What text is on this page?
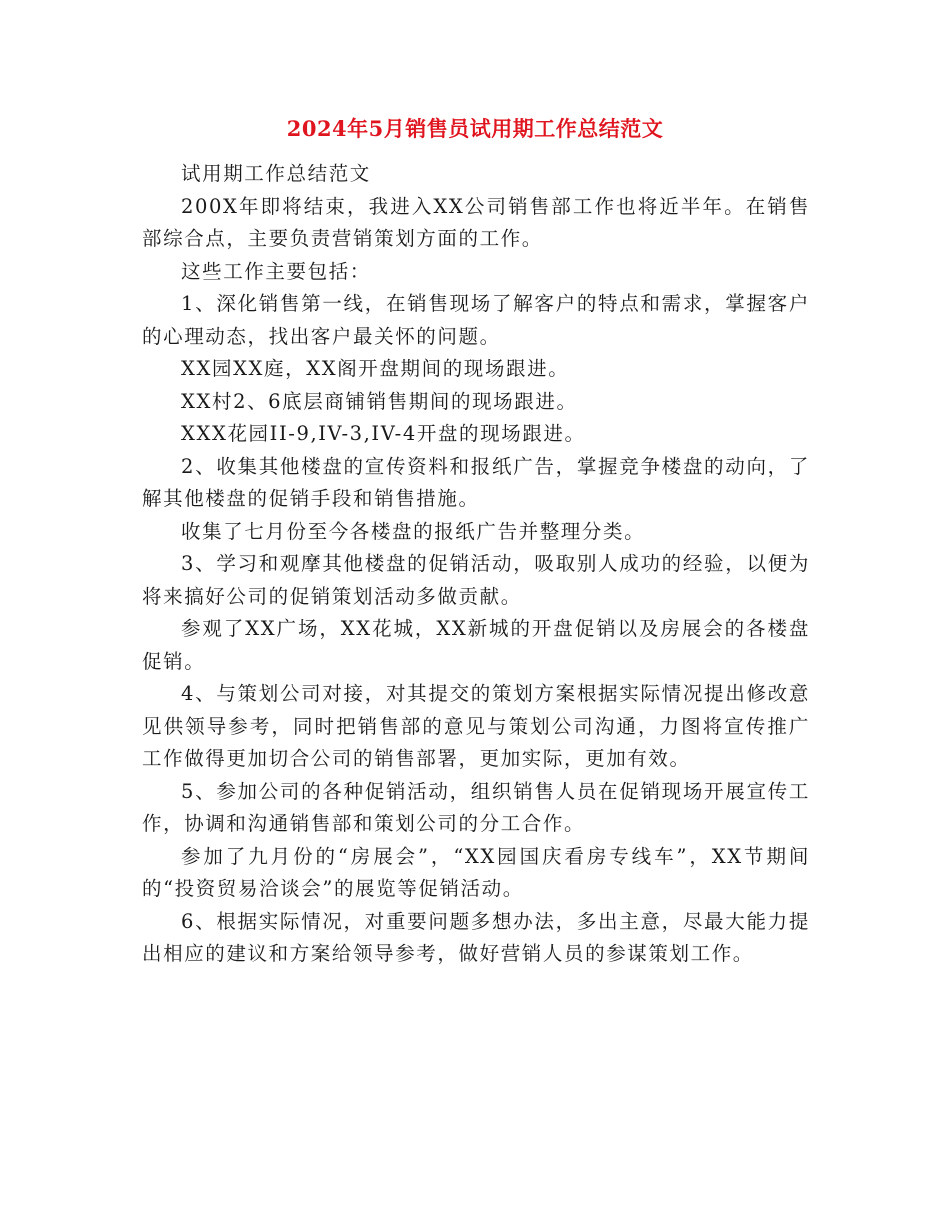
2024年5月销售员试用期工作总结范文

试用期工作总结范文

200X年即将结束，我进入XX公司销售部工作也将近半年。在销售部综合点，主要负责营销策划方面的工作。

这些工作主要包括：

1、深化销售第一线，在销售现场了解客户的特点和需求，掌握客户的心理动态，找出客户最关怀的问题。

XX园XX庭，XX阁开盘期间的现场跟进。

XX村2、6底层商铺销售期间的现场跟进。

XXX花园II-9,IV-3,IV-4开盘的现场跟进。

2、收集其他楼盘的宣传资料和报纸广告，掌握竞争楼盘的动向，了解其他楼盘的促销手段和销售措施。

收集了七月份至今各楼盘的报纸广告并整理分类。

3、学习和观摩其他楼盘的促销活动，吸取别人成功的经验，以便为将来搞好公司的促销策划活动多做贡献。

参观了XX广场，XX花城，XX新城的开盘促销以及房展会的各楼盘促销。

4、与策划公司对接，对其提交的策划方案根据实际情况提出修改意见供领导参考，同时把销售部的意见与策划公司沟通，力图将宣传推广工作做得更加切合公司的销售部署，更加实际，更加有效。

5、参加公司的各种促销活动，组织销售人员在促销现场开展宣传工作，协调和沟通销售部和策划公司的分工合作。

参加了九月份的“房展会”，“XX园国庆看房专线车”，XX节期间的“投资贸易洽谈会”的展览等促销活动。

6、根据实际情况，对重要问题多想办法，多出主意，尽最大能力提出相应的建议和方案给领导参考，做好营销人员的参谋策划工作。
